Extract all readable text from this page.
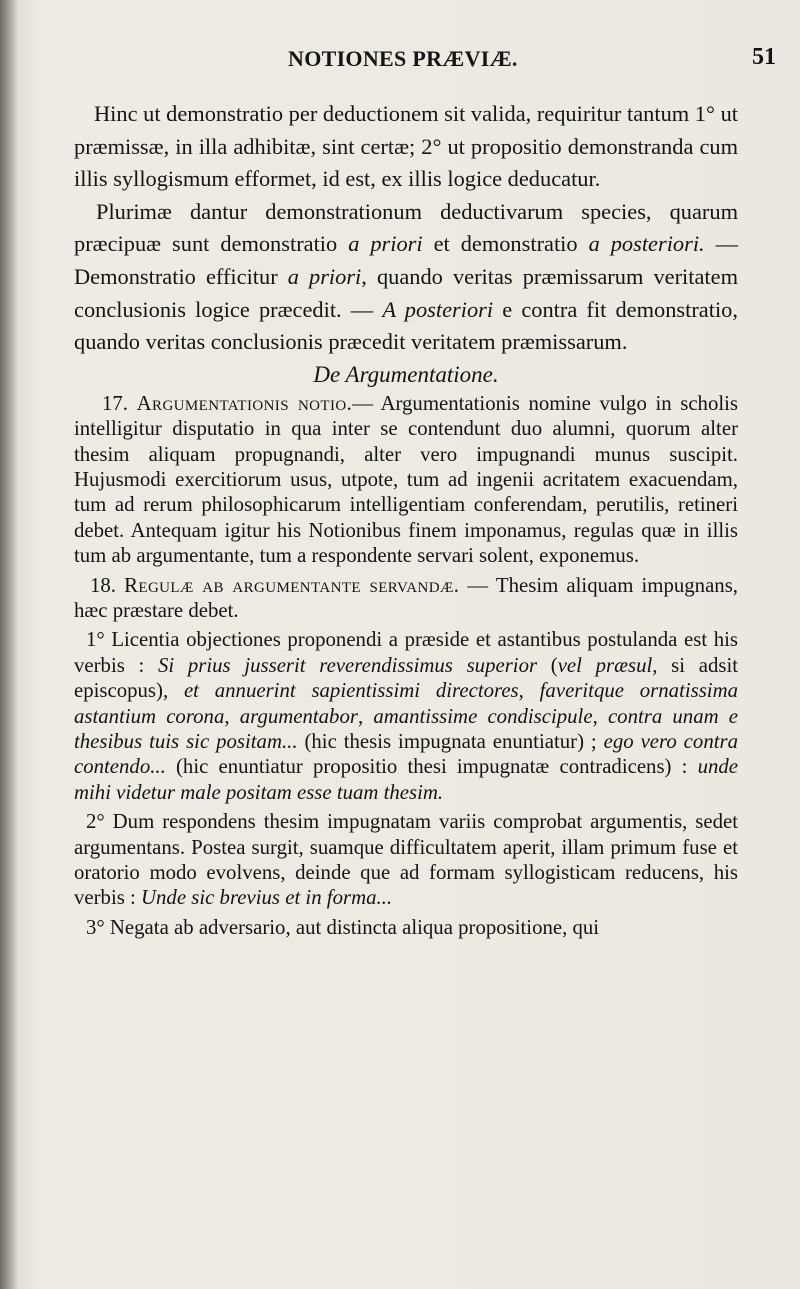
NOTIONES PRÆVIÆ.	51

Hinc ut demonstratio per deductionem sit valida, requiritur tantum 1° ut præmissæ, in illa adhibitæ, sint certæ; 2° ut propositio demonstranda cum illis syllogismum efformet, id est, ex illis logice deducatur.

Plurimæ dantur demonstrationum deductivarum species, quarum præcipuæ sunt demonstratio a priori et demonstratio a posteriori. — Demonstratio efficitur a priori, quando veritas præmissarum veritatem conclusionis logice præcedit. — A posteriori e contra fit demonstratio, quando veritas conclusionis præcedit veritatem præmissarum.

De Argumentatione.

17. Argumentationis notio.— Argumentationis nomine vulgo in scholis intelligitur disputatio in qua inter se contendunt duo alumni, quorum alter thesim aliquam propugnandi, alter vero impugnandi munus suscipit. Hujusmodi exercitiorum usus, utpote, tum ad ingenii acritatem exacuendam, tum ad rerum philosophicarum intelligentiam conferendam, perutilis, retineri debet. Antequam igitur his Notionibus finem imponamus, regulas quæ in illis tum ab argumentante, tum a respondente servari solent, exponemus.

18. Regulæ ab argumentante servandæ. — Thesim aliquam impugnans, hæc præstare debet.

1° Licentia objectiones proponendi a præside et astantibus postulanda est his verbis : Si prius jusserit reverendissimus superior (vel præsul, si adsit episcopus), et annuerint sapientissimi directores, faveritque ornatissima astantium corona, argumentabor, amantissime condiscipule, contra unam e thesibus tuis sic positam... (hic thesis impugnata enuntiatur) ; ego vero contra contendo... (hic enuntiatur propositio thesi impugnatæ contradicens) : unde mihi videtur male positam esse tuam thesim.

2° Dum respondens thesim impugnatam variis comprobat argumentis, sedet argumentans. Postea surgit, suamque difficultatem aperit, illam primum fuse et oratorio modo evolvens, deinde que ad formam syllogisticam reducens, his verbis : Unde sic brevius et in forma...

3° Negata ab adversario, aut distincta aliqua propositione, qui
